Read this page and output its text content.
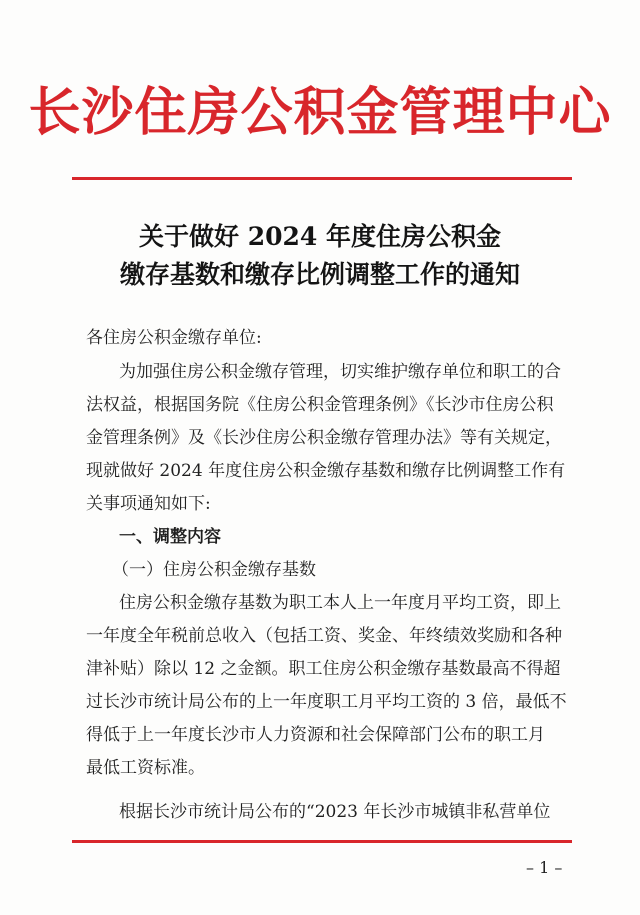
长沙住房公积金管理中心
关于做好 2024 年度住房公积金
缴存基数和缴存比例调整工作的通知
各住房公积金缴存单位:
为加强住房公积金缴存管理，切实维护缴存单位和职工的合
法权益，根据国务院《住房公积金管理条例》《长沙市住房公积
金管理条例》及《长沙住房公积金缴存管理办法》等有关规定，
现就做好 2024 年度住房公积金缴存基数和缴存比例调整工作有
关事项通知如下:
一、调整内容
（一）住房公积金缴存基数
住房公积金缴存基数为职工本人上一年度月平均工资，即上
一年度全年税前总收入（包括工资、奖金、年终绩效奖励和各种
津补贴）除以 12 之金额。职工住房公积金缴存基数最高不得超
过长沙市统计局公布的上一年度职工月平均工资的 3 倍，最低不
得低于上一年度长沙市人力资源和社会保障部门公布的职工月
最低工资标准。
根据长沙市统计局公布的“2023 年长沙市城镇非私营单位
– 1 –
